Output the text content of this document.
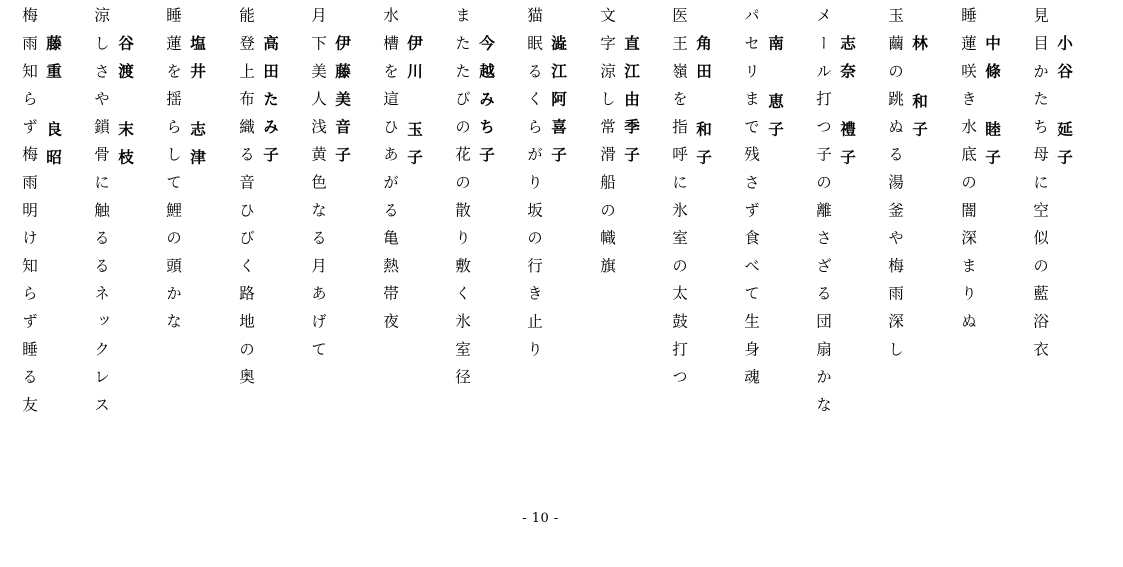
梅雨知らず梅雨明け知らず睡る友 藤重 良昭 涼しさや鎖骨に触るるネックレス 谷渡 末枝 睡蓮を揺らして鯉の頭かな 塩井 志津 能登上布織る音ひびく路地の奥 高田たみ子 月下美人浅黄色なる月あげて 伊藤美音子 水槽を這ひあがる亀熱帯夜 伊川 玉子 またたびの花の散り敷く氷室径 今越みち子 猫眠るくらがり坂の行き止り 澁江阿喜子 文字涼し常滑船の幟旗 直江由季子 医王嶺を指呼に氷室の太鼓打つ 角田 和子 パセリまで残さず食べて生身魂 南 恵子 メール打つ子の離さざる団扇かな 志奈 禮子 玉繭の跳ぬる湯釜や梅雨深し 林 和子 睡蓮咲き水底の闇深まりぬ 中條 睦子 見目かたち母に空似の藍浴衣 小谷 延子
- 10 -
